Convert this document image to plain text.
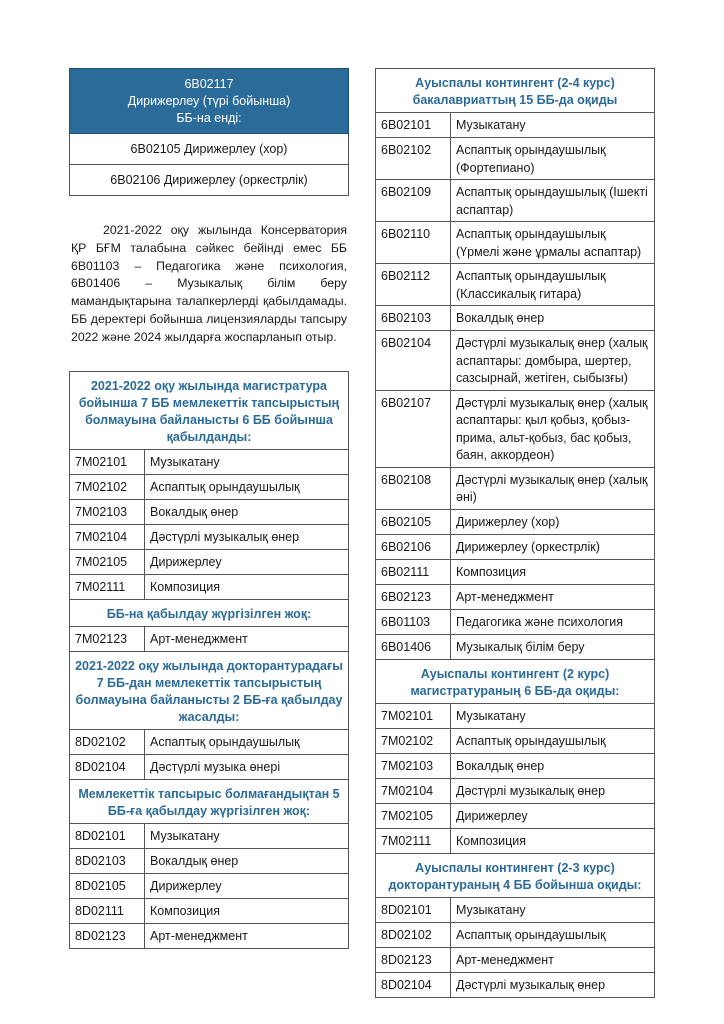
6B02117
Дирижерлеу (түрі бойынша)
ББ-на енді:
6B02105 Дирижерлеу (хор)
6B02106 Дирижерлеу (оркестрлік)

2021-2022 оқу жылында Консерватория ҚР БҒМ талабына сәйкес бейінді емес ББ 6В01103 – Педагогика және психология, 6В01406 – Музыкалық білім беру мамандықтарына талапкерлерді қабылдамады. ББ деректері бойынша лицензияларды тапсыру 2022 және 2024 жылдарға жоспарланып отыр.

2021-2022 оқу жылында магистратура бойынша 7 ББ мемлекеттік тапсырыстың болмауына байланысты 6 ББ бойынша қабылданды:	
7M02101	Музыкатану
7M02102	Аспаптық орындаушылық
7M02103	Вокалдық өнер
7M02104	Дәстүрлі музыкалық өнер
7M02105	Дирижерлеу
7M02111	Композиция
ББ-на қабылдау жүргізілген жоқ:	
7M02123	Арт-менеджмент
2021-2022 оқу жылында докторантурадағы 7 ББ-дан мемлекеттік тапсырыстың болмауына байланысты 2 ББ-ға қабылдау жасалды:	
8D02102	Аспаптық орындаушылық
8D02104	Дәстүрлі музыка өнері
Мемлекеттік тапсырыс болмағандықтан 5 ББ-ға қабылдау жүргізілген жоқ:	
8D02101	Музыкатану
8D02103	Вокалдық өнер
8D02105	Дирижерлеу
8D02111	Композиция
8D02123	Арт-менеджмент
Ауыспалы контингент (2-4 курс) бакалавриаттың 15 ББ-да оқиды	
6B02101	Музыкатану
6B02102	Аспаптық орындаушылық (Фортепиано)
6B02109	Аспаптық орындаушылық (Ішекті аспаптар)
6B02110	Аспаптық орындаушылық (Үрмелі және ұрмалы аспаптар)
6B02112	Аспаптық орындаушылық (Классикалық гитара)
6B02103	Вокалдық өнер
6B02104	Дәстүрлі музыкалық өнер (халық аспаптары: домбыра, шертер, сазсырнай, жетіген, сыбызғы)
6B02107	Дәстүрлі музыкалық өнер (халық аспаптары: қыл қобыз, қобыз-прима, альт-қобыз, бас қобыз, баян, аккордеон)
6B02108	Дәстүрлі музыкалық өнер (халық әні)
6B02105	Дирижерлеу (хор)
6B02106	Дирижерлеу (оркестрлік)
6B02111	Композиция
6B02123	Арт-менеджмент
6B01103	Педагогика және психология
6B01406	Музыкалық білім беру
Ауыспалы контингент (2 курс) магистратураның 6 ББ-да оқиды:	
7M02101	Музыкатану
7M02102	Аспаптық орындаушылық
7M02103	Вокалдық өнер
7M02104	Дәстүрлі музыкалық өнер
7M02105	Дирижерлеу
7M02111	Композиция
Ауыспалы контингент (2-3 курс) докторантураның 4 ББ бойынша оқиды:	
8D02101	Музыкатану
8D02102	Аспаптық орындаушылық
8D02123	Арт-менеджмент
8D02104	Дәстүрлі музыкалық өнер
